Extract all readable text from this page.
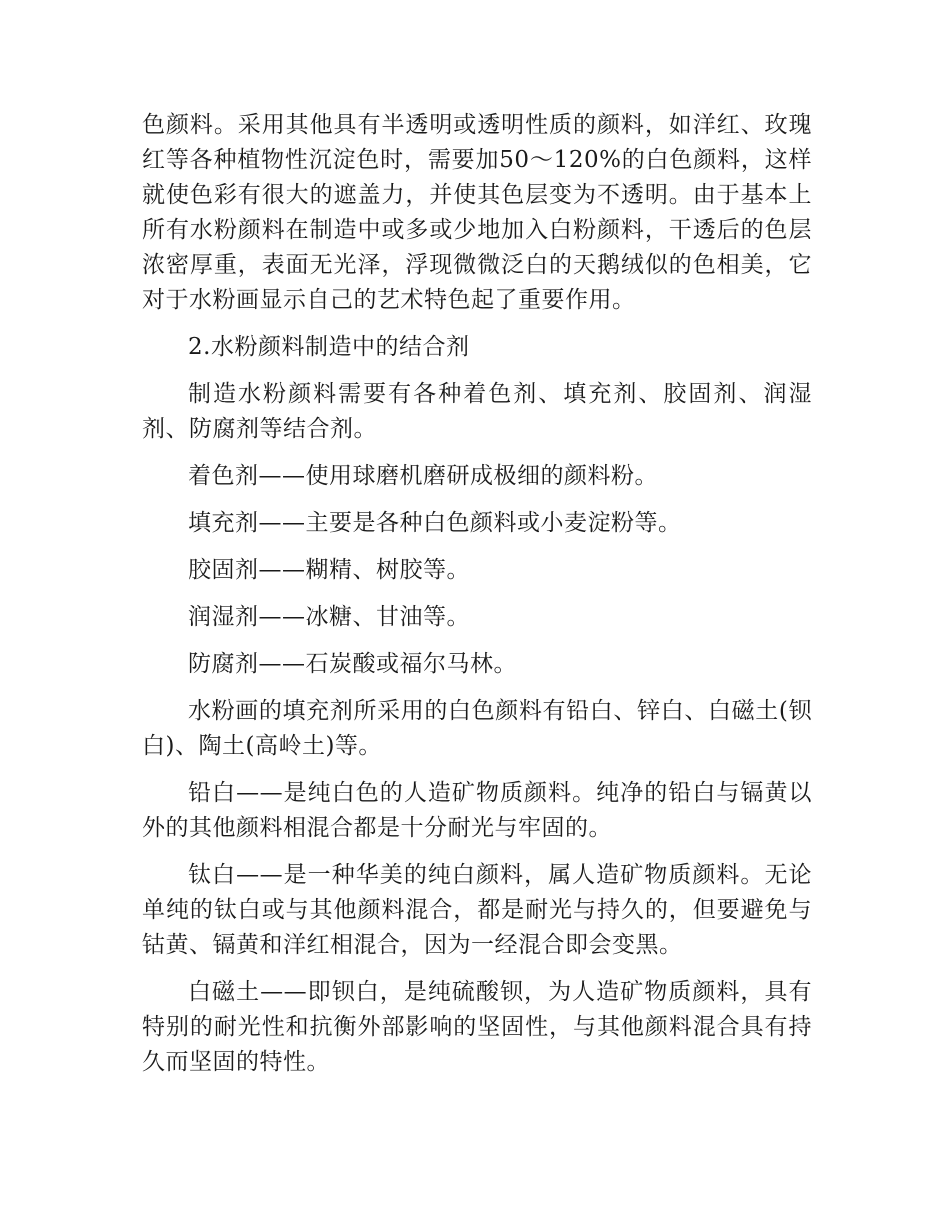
色颜料。采用其他具有半透明或透明性质的颜料，如洋红、玫瑰红等各种植物性沉淀色时，需要加50～120%的白色颜料，这样就使色彩有很大的遮盖力，并使其色层变为不透明。由于基本上所有水粉颜料在制造中或多或少地加入白粉颜料，干透后的色层浓密厚重，表面无光泽，浮现微微泛白的天鹅绒似的色相美，它对于水粉画显示自己的艺术特色起了重要作用。

2.水粉颜料制造中的结合剂

制造水粉颜料需要有各种着色剂、填充剂、胶固剂、润湿剂、防腐剂等结合剂。

着色剂——使用球磨机磨研成极细的颜料粉。

填充剂——主要是各种白色颜料或小麦淀粉等。

胶固剂——糊精、树胶等。

润湿剂——冰糖、甘油等。

防腐剂——石炭酸或福尔马林。

水粉画的填充剂所采用的白色颜料有铅白、锌白、白磁土(钡白)、陶土(高岭土)等。

铅白——是纯白色的人造矿物质颜料。纯净的铅白与镉黄以外的其他颜料相混合都是十分耐光与牢固的。

钛白——是一种华美的纯白颜料，属人造矿物质颜料。无论单纯的钛白或与其他颜料混合，都是耐光与持久的，但要避免与钴黄、镉黄和洋红相混合，因为一经混合即会变黑。

白磁土——即钡白，是纯硫酸钡，为人造矿物质颜料，具有特别的耐光性和抗衡外部影响的坚固性，与其他颜料混合具有持久而坚固的特性。
